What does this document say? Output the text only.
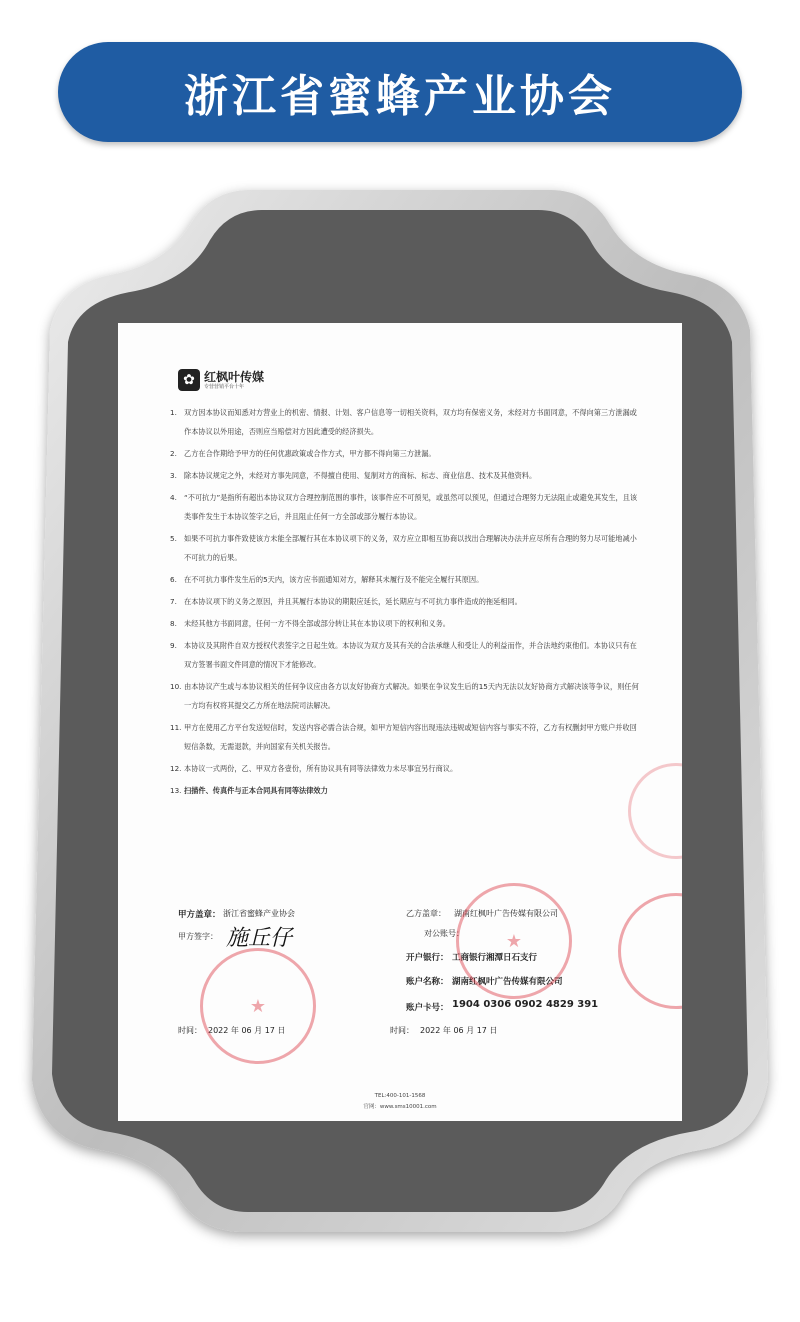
浙江省蜜蜂产业协会
✿ 红枫叶传媒
专营营销平台十年
1. 双方因本协议而知悉对方营业上的机密、情报、计划、客户信息等一切相关资料，双方均有保密义务，未经对方书面同意，不得向第三方泄漏或作本协议以外用途，否则应当赔偿对方因此遭受的经济损失。
2. 乙方在合作期给予甲方的任何优惠政策或合作方式，甲方都不得向第三方泄漏。
3. 除本协议规定之外，未经对方事先同意，不得擅自使用、复制对方的商标、标志、商业信息、技术及其他资料。
4. “不可抗力”是指所有超出本协议双方合理控制范围的事件，该事件应不可预见，或虽然可以预见，但通过合理努力无法阻止或避免其发生，且该类事件发生于本协议签字之后，并且阻止任何一方全部或部分履行本协议。
5. 如果不可抗力事件致使该方未能全部履行其在本协议项下的义务，双方应立即相互协商以找出合理解决办法并应尽所有合理的努力尽可能地减小不可抗力的后果。
6. 在不可抗力事件发生后的5天内，该方应书面通知对方，解释其未履行及不能完全履行其原因。
7. 在本协议项下的义务之原因，并且其履行本协议的期限应延长，延长期应与不可抗力事件造成的拖延相同。
8. 未经其他方书面同意，任何一方不得全部或部分转让其在本协议项下的权利和义务。
9. 本协议及其附件自双方授权代表签字之日起生效。本协议为双方及其有关的合法承继人和受让人的利益而作，并合法地约束他们。本协议只有在双方签署书面文件同意的情况下才能修改。
10. 由本协议产生或与本协议相关的任何争议应由各方以友好协商方式解决。如果在争议发生后的15天内无法以友好协商方式解决该等争议，则任何一方均有权将其提交乙方所在地法院司法解决。
11. 甲方在使用乙方平台发送短信时，发送内容必需合法合规，如甲方短信内容出现违法违规或短信内容与事实不符，乙方有权删封甲方账户并收回短信条数，无需退款，并向国家有关机关报告。
12. 本协议一式两份，乙、甲双方各壹份，所有协议具有同等法律效力未尽事宜另行商议。
13. 扫描件、传真件与正本合同具有同等法律效力
甲方盖章： 浙江省蜜蜂产业协会
甲方签字： 施丘仔
时间： 2022 年 06 月 17 日
乙方盖章： 湖南红枫叶广告传媒有限公司
对公账号：
开户银行： 工商银行湘潭日石支行
账户名称： 湖南红枫叶广告传媒有限公司
账户卡号： 1904 0306 0902 4829 391
时间： 2022 年 06 月 17 日
★
★
TEL:400-101-1568
官网：www.sms10001.com
